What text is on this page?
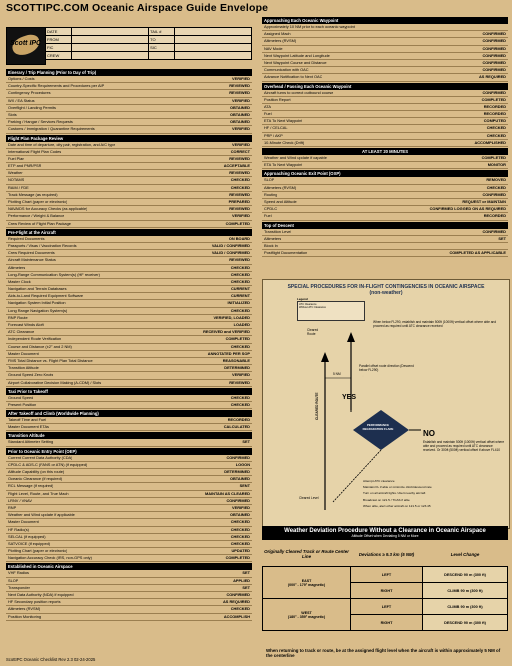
SCOTTIPC.COM Oceanic Airspace Guide Envelope
Scott IPC
DATE		TAIL #	
FROM		TO	
FIC		SIC	
CREW			
Itinerary / Trip Planning (Prior to Day of Trip)
Options / Costs	VERIFIED
Country-Specific Requirements and Procedures per AIP	REVIEWED
Contingency Procedures	REVIEWED
WX / EA Status	VERIFIED
Overflight / Landing Permits	OBTAINED
Slots	OBTAINED
Parking / Hangar / Services Requests	OBTAINED
Customs / Immigration / Quarantine Requirements	VERIFIED
Flight Plan Package Review
Date and time of departure, city pair, registration, and A/C type	VERIFIED
International Flight Plan Codes	CORRECT
Fuel Plan	REVIEWED
ETP and PNR/PSR	ACCEPTABLE
Weather	REVIEWED
NOTAMS	CHECKED
RAIM / FDE	CHECKED
Track Message (as required)	REVIEWED
Plotting Chart (paper or electronic)	PREPARED
NAVAIDS for Accuracy Checks (as applicable)	REVIEWED
Performance / Weight & Balance	VERIFIED
Crew Review of Flight Plan Package	COMPLETED
Pre-Flight at the Aircraft
Required Documents	ON BOARD
Passports / Visas / Vaccination Records	VALID / CONFIRMED
Crew Required Documents	VALID / CONFIRMED
Aircraft Maintenance Status	REVIEWED
Altimeters	CHECKED
Long-Range Communication System(s) (HF receiver)	CHECKED
Master Clock	CHECKED
Navigation and Terrain Databases	CURRENT
Aids-to-Land Required Equipment Software	CURRENT
Navigation System Initial Position	INITIALIZED
Long Range Navigation System(s)	CHECKED
RNP Route	VERIFIED, LOADED
Forecast Winds Aloft	LOADED
ATC Clearance	RECEIVED and VERIFIED
Independent Route Verification	COMPLETED
Course and Distance (±2° and 2 NM)	CHECKED
Master Document	ANNOTATED PER SOP
FMS Total Distance vs. Flight Plan Total Distance	REASONABLE
Transition Altitude	DETERMINED
Ground Speed Zero Knots	VERIFIED
Airport Collaborative Decision Making (A-CDM) / Slots	REVIEWED
Taxi Prior to Takeoff
Ground Speed	CHECKED
Present Position	CHECKED
After Takeoff and Climb (Worldwide Planning)
Takeoff Time and Fuel	RECORDED
Master Document ETAs	CALCULATED
Transition Altitude
Standard Altimeter Setting	SET
Prior to Oceanic Entry Point (OEP)
Current Current Data Authority (CDA)	CONFIRMED
CPDLC & ADS-C (FANS or ATN) (if equipped)	LOGON
Altitude Capability (on this route)	DETERMINED
Oceanic Clearance (if required)	OBTAINED
RCL Message (if required)	SENT
Flight Level, Route, and True Mach	MAINTAIN AS CLEARED
LRNV / VNAV	CONFIRMED
RNP	VERIFIED
Weather and Wind update if applicable	OBTAINED
Master Document	CHECKED
HF Radio(s)	CHECKED
SELCAL (if equipped)	CHECKED
SATVOICE (if equipped)	CHECKED
Plotting Chart (paper or electronic)	UPDATED
Navigation Accuracy Check (IRS, non-GPS only)	COMPLETED
Established in Oceanic Airspace
VHF Radios	SET
SLOP	APPLIED
Transponder	SET
Next Data Authority (NDA) if equipped	CONFIRMED
HF Secondary position reports	AS REQUIRED
Altimeters (RVSM)	CHECKED
Position Monitoring	ACCOMPLISH
Approaching Each Oceanic Waypoint
Approximately 10 NM prior to each oceanic waypoint
Assigned Mach	CONFIRMED
Altimeters (RVSM)	CONFIRMED
NAV Mode	CONFIRMED
Next Waypoint Latitude and Longitude	CONFIRMED
Next Waypoint Course and Distance	CONFIRMED
Communication with OAC	CONFIRMED
Advance Notification to Next OAC	AS REQUIRED
Overhead / Passing Each Oceanic Waypoint
Aircraft turns to correct outbound course	CONFIRMED
Position Report	COMPLETED
ATA	RECORDED
Fuel	RECORDED
ETA To Next Waypoint	COMPUTED
HF / CELCAL	CHECKED
PRP / AKP	CHECKED
10-Minute Check (Drift)	ACCOMPLISHED
AT LEAST 20 MINUTES
Weather and Wind update if capable	COMPLETED
ETA To Next Waypoint	MONITOR
Approaching Oceanic Exit Point (OXP)
SLOP	REMOVED
Altimeters (RVSM)	CHECKED
Routing	CONFIRMED
Speed and Altitude	REQUEST or MAINTAIN
CPDLC	CONFIRMED LOGGED ON AS REQUIRED
Fuel	RECORDED
Top of Descent
Transition Level	CONFIRMED
Altimeters	SET
Block In
Postflight Documentation	COMPLETED AS APPLICABLE
SPECIAL PROCEDURES FOR IN-FLIGHT CONTINGENCIES IN OCEANIC AIRSPACE (non-weather)
Legend
ATC Clearance
Without ATC Clearance
When below FL290, establish and maintain 500ft (1000ft) vertical offset where able and proceed as required until ATC clearance received
Cleared Route
Parallel offset route direction (Descend below FL290)
5 NM
CLEARED ROUTE
Cleared Level
YES
PERFORMANCE DEGRADATION FLARE	NO
Establish and maintain 500ft (1000ft) vertical offset where able and proceed as required until ATC clearance received. Or 300ft (500ft) vertical offset if above FL410
Attempt ATC clearance
Maintain FL if able or minimize climb/descend rate
Turn on all aircraft lights / Alert nearby aircraft
Broadcast on 121.5 / TCAS if able
When able, alert other aircraft on 121.5 or 123.45
Weather Deviation Procedure Without a Clearance in Oceanic Airspace
Altitude Offset when Deviating 5 NM or More
Originally Cleared Track or Route Center Line	Deviations ≥ 9.3 km (5 NM)	Level Change

EAST
(000° - 179° magnetic)	LEFT	DESCEND 90 m (300 ft)
	RIGHT	CLIMB 90 m (300 ft)

WEST
(180° - 359° magnetic)	LEFT	CLIMB 90 m (300 ft)
	RIGHT	DESCEND 90 m (300 ft)
When returning to track or route, be at the assigned flight level when the aircraft is within approximately 5 NM of the centerline
ScottIPC Oceanic Checklist Rev 2.3 02-24-2025
